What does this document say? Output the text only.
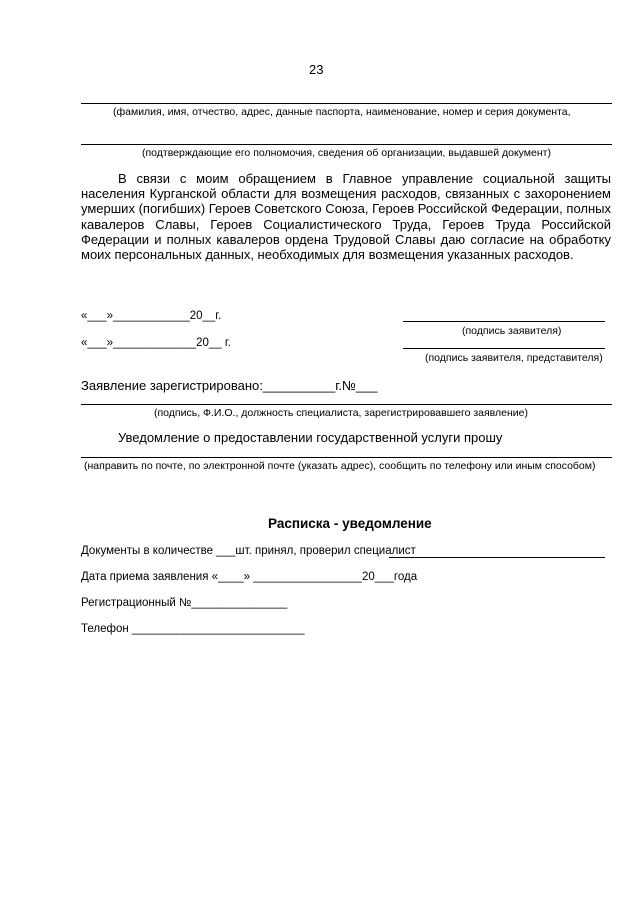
23
(фамилия, имя, отчество, адрес, данные паспорта, наименование, номер и серия документа,
(подтверждающие его полномочия, сведения об организации, выдавшей документ)
В связи с моим обращением в Главное управление социальной защиты населения Курганской области для возмещения расходов, связанных с захоронением умерших (погибших) Героев Советского Союза, Героев Российской Федерации, полных кавалеров Славы, Героев Социалистического Труда, Героев Труда Российской Федерации и полных кавалеров ордена Трудовой Славы даю согласие на обработку моих персональных данных, необходимых для возмещения указанных расходов.
«___»____________20__г.
(подпись заявителя)
«___»_____________20__ г.
(подпись заявителя, представителя)
Заявление зарегистрировано:__________г.№___
(подпись, Ф.И.О., должность специалиста, зарегистрировавшего заявление)
Уведомление о предоставлении государственной услуги прошу
(направить по почте, по электронной почте (указать адрес), сообщить по телефону или иным способом)
Расписка - уведомление
Документы в количестве ___шт. принял, проверил специалист
Дата приема заявления «____» _________________20___года
Регистрационный №_______________
Телефон ___________________________
